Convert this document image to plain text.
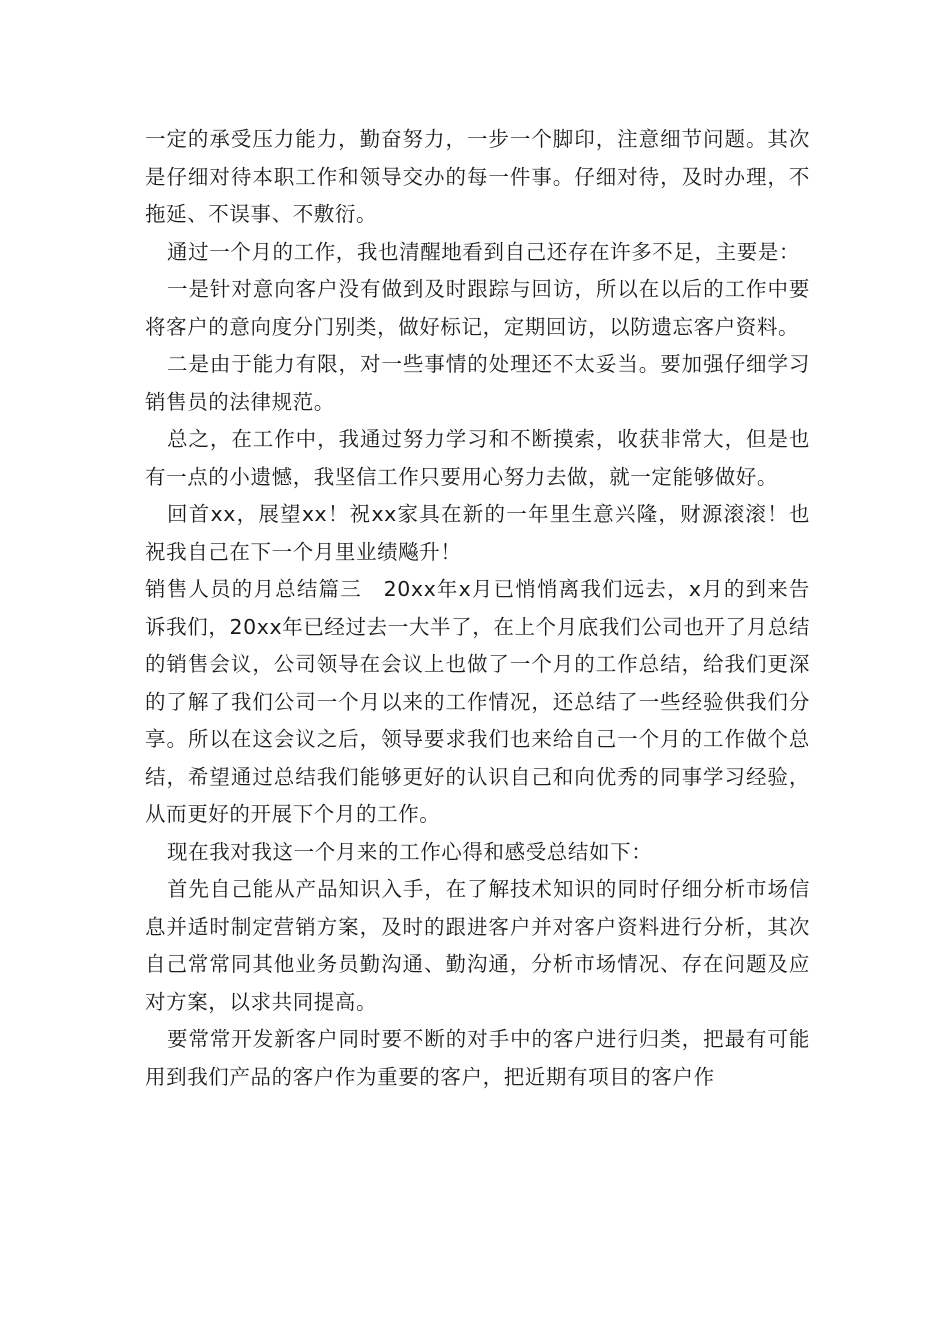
一定的承受压力能力，勤奋努力，一步一个脚印，注意细节问题。其次是仔细对待本职工作和领导交办的每一件事。仔细对待，及时办理，不拖延、不误事、不敷衍。

通过一个月的工作，我也清醒地看到自己还存在许多不足，主要是：

一是针对意向客户没有做到及时跟踪与回访，所以在以后的工作中要将客户的意向度分门别类，做好标记，定期回访，以防遗忘客户资料。

二是由于能力有限，对一些事情的处理还不太妥当。要加强仔细学习销售员的法律规范。

总之，在工作中，我通过努力学习和不断摸索，收获非常大，但是也有一点的小遗憾，我坚信工作只要用心努力去做，就一定能够做好。

回首xx，展望xx！祝xx家具在新的一年里生意兴隆，财源滚滚！也祝我自己在下一个月里业绩飚升！

销售人员的月总结篇三　20xx年x月已悄悄离我们远去，x月的到来告诉我们，20xx年已经过去一大半了，在上个月底我们公司也开了月总结的销售会议，公司领导在会议上也做了一个月的工作总结，给我们更深的了解了我们公司一个月以来的工作情况，还总结了一些经验供我们分享。所以在这会议之后，领导要求我们也来给自己一个月的工作做个总结，希望通过总结我们能够更好的认识自己和向优秀的同事学习经验，从而更好的开展下个月的工作。

现在我对我这一个月来的工作心得和感受总结如下：

首先自己能从产品知识入手，在了解技术知识的同时仔细分析市场信息并适时制定营销方案，及时的跟进客户并对客户资料进行分析，其次自己常常同其他业务员勤沟通、勤沟通，分析市场情况、存在问题及应对方案，以求共同提高。

要常常开发新客户同时要不断的对手中的客户进行归类，把最有可能用到我们产品的客户作为重要的客户，把近期有项目的客户作
